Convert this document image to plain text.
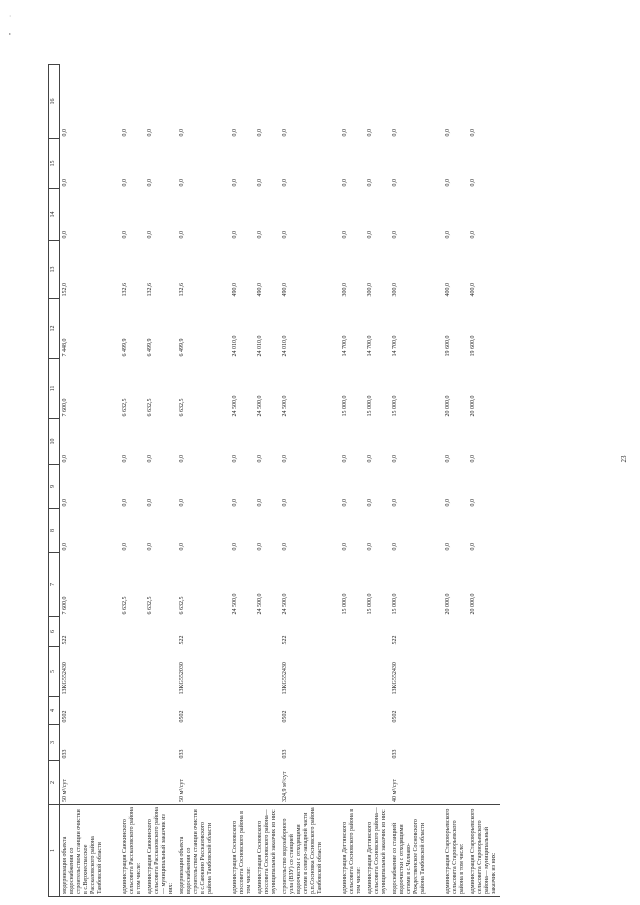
23
•
·
1	2	3	4	5	6	7	8	9	10	11	12	13	14	15	16
модернизация объекта водоснабжения со строительством станции очистки в с.Верхнеспасское Рассказовского района Тамбовской области	50 м³/сут	033	0502	13КG552430	522	7 600,0	0,0	0,0	0,0	7 600,0	7 448,0	152,0	0,0	0,0	0,0

администрация Саюкинского сельсовета Рассказовского района в том числе:						6 632,5	0,0	0,0	0,0	6 632,5	6 499,9	132,6	0,0	0,0	0,0
администрация Саюкинского сельсовета Рассказовского района— муниципальный заказчик из них:						6 632,5	0,0	0,0	0,0	6 632,5	6 499,9	132,6	0,0	0,0	0,0
модернизация объекта водоснабжения со строительством станции очистки в с.Саюкино Рассказовского района Тамбовской области	50 м³/сут	033	0502	13КG552030	522	6 632,5	0,0	0,0	0,0	6 632,5	6 499,9	132,6	0,0	0,0	0,0

администрация Сосновского поссовета Сосновского района в том числе:						24 500,0	0,0	0,0	0,0	24 500,0	24 010,0	490,0	0,0	0,0	0,0
администрация Сосновского поссовета Сосновского района— муниципальный заказчик из них:						24 500,0	0,0	0,0	0,0	24 500,0	24 010,0	490,0	0,0	0,0	0,0
строительство водозаборного узла (ВЗУ) со станцией водоочистки с отходящими сетями в северо-западной части р.п.Сосновка Сосновского района Тамбовской области	324,9 м³/сут	033	0502	13КG552430	522	24 500,0	0,0	0,0	0,0	24 500,0	24 010,0	490,0	0,0	0,0	0,0

администрация Дегтянского сельсовета Сосновского района в том числе:						15 000,0	0,0	0,0	0,0	15 000,0	14 700,0	300,0	0,0	0,0	0,0
администрация Дегтянского сельсовета Сосновского района— муниципальный заказчик из них:						15 000,0	0,0	0,0	0,0	15 000,0	14 700,0	300,0	0,0	0,0	0,0
водоснабжение со станцией водоочистки с отходящими сетями в с.Челнаво-Рождественское Сосновского района Тамбовской области	40 м³/сут	033	0502	13КG552430	522	15 000,0	0,0	0,0	0,0	15 000,0	14 700,0	300,0	0,0	0,0	0,0

администрация Староюрьевского сельсовета Староюрьевского района в том числе:						20 000,0	0,0	0,0	0,0	20 000,0	19 600,0	400,0	0,0	0,0	0,0
администрация Староюрьевского сельсовета Староюрьевского района— муниципальный заказчик из них:						20 000,0	0,0	0,0	0,0	20 000,0	19 600,0	400,0	0,0	0,0	0,0
